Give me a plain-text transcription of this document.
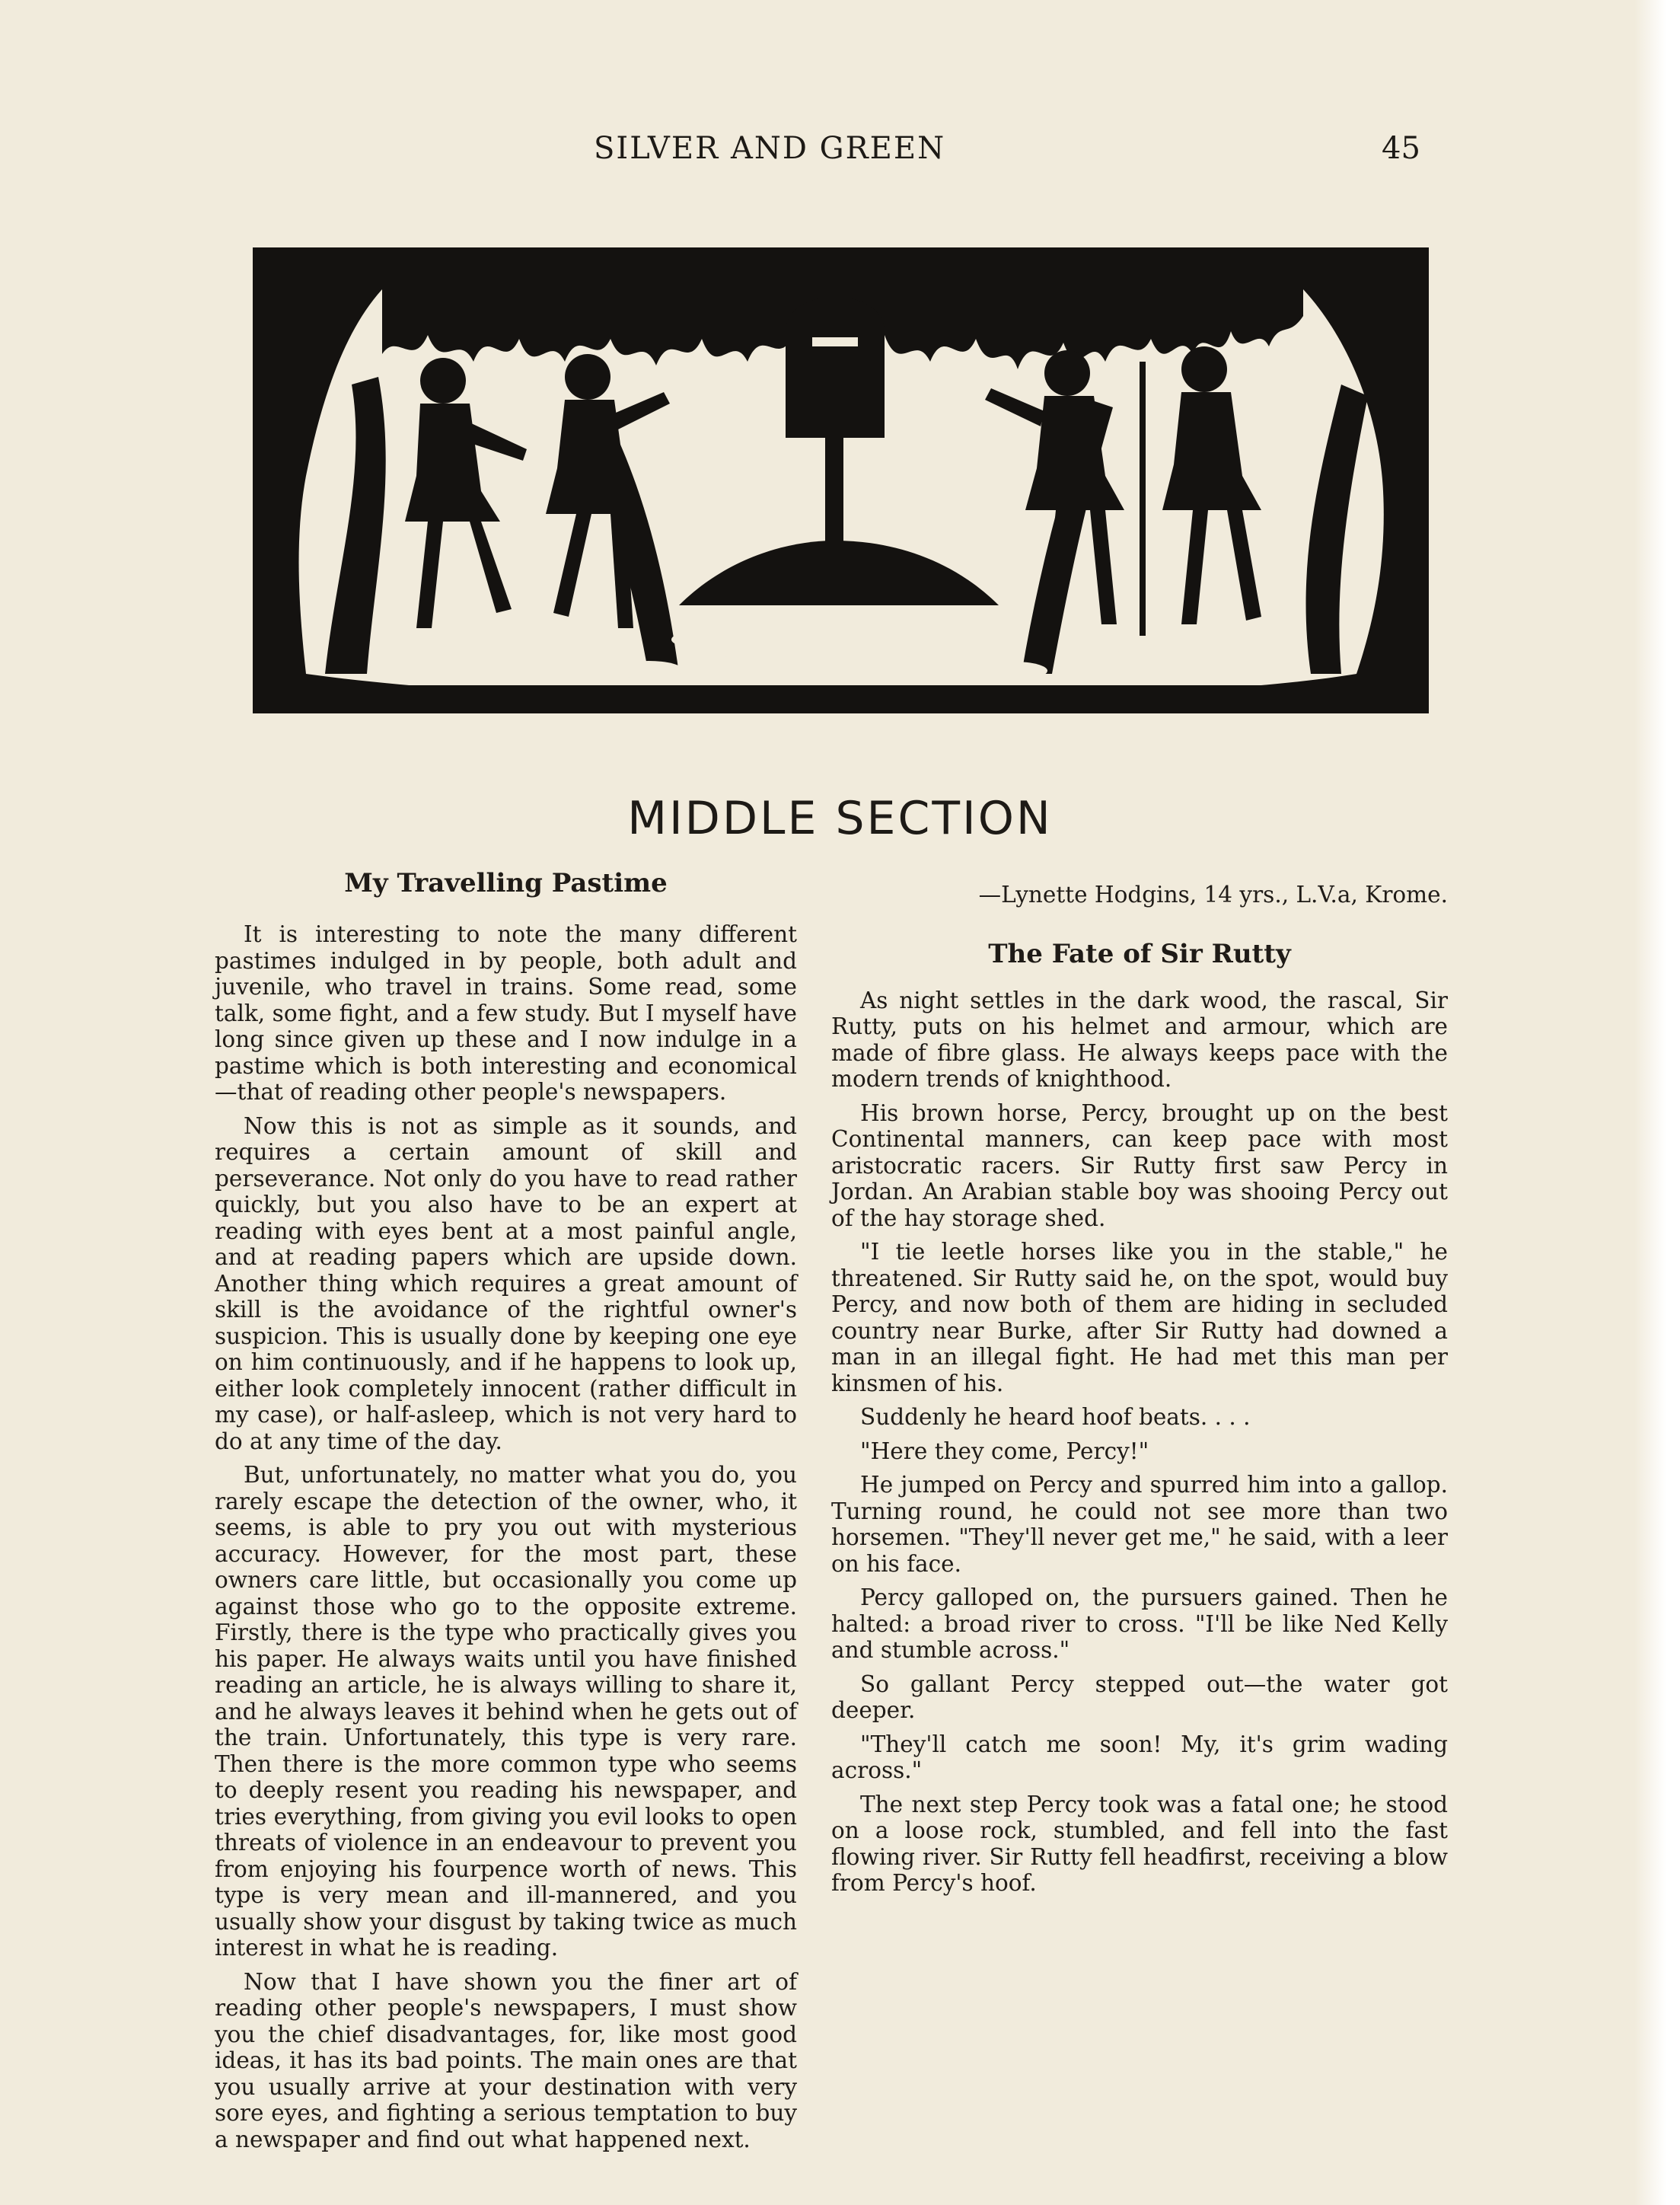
SILVER AND GREEN	45
MIDDLE SECTION
My Travelling Pastime

It is interesting to note the many different pastimes indulged in by people, both adult and juvenile, who travel in trains. Some read, some talk, some fight, and a few study. But I myself have long since given up these and I now indulge in a pastime which is both interesting and economical—that of reading other people's newspapers.

Now this is not as simple as it sounds, and requires a certain amount of skill and perseverance. Not only do you have to read rather quickly, but you also have to be an expert at reading with eyes bent at a most painful angle, and at reading papers which are upside down. Another thing which requires a great amount of skill is the avoidance of the rightful owner's suspicion. This is usually done by keeping one eye on him continuously, and if he happens to look up, either look completely innocent (rather difficult in my case), or half-asleep, which is not very hard to do at any time of the day.

But, unfortunately, no matter what you do, you rarely escape the detection of the owner, who, it seems, is able to pry you out with mysterious accuracy. However, for the most part, these owners care little, but occasionally you come up against those who go to the opposite extreme. Firstly, there is the type who practically gives you his paper. He always waits until you have finished reading an article, he is always willing to share it, and he always leaves it behind when he gets out of the train. Unfortunately, this type is very rare. Then there is the more common type who seems to deeply resent you reading his newspaper, and tries everything, from giving you evil looks to open threats of violence in an endeavour to prevent you from enjoying his fourpence worth of news. This type is very mean and ill-mannered, and you usually show your disgust by taking twice as much interest in what he is reading.

Now that I have shown you the finer art of reading other people's newspapers, I must show you the chief disadvantages, for, like most good ideas, it has its bad points. The main ones are that you usually arrive at your destination with very sore eyes, and fighting a serious temptation to buy a newspaper and find out what happened next.

—Lynette Hodgins, 14 yrs., L.V.a, Krome.

The Fate of Sir Rutty

As night settles in the dark wood, the rascal, Sir Rutty, puts on his helmet and armour, which are made of fibre glass. He always keeps pace with the modern trends of knighthood.

His brown horse, Percy, brought up on the best Continental manners, can keep pace with most aristocratic racers. Sir Rutty first saw Percy in Jordan. An Arabian stable boy was shooing Percy out of the hay storage shed.

"I tie leetle horses like you in the stable," he threatened. Sir Rutty said he, on the spot, would buy Percy, and now both of them are hiding in secluded country near Burke, after Sir Rutty had downed a man in an illegal fight. He had met this man per kinsmen of his.

Suddenly he heard hoof beats. . . .

"Here they come, Percy!"

He jumped on Percy and spurred him into a gallop. Turning round, he could not see more than two horsemen. "They'll never get me," he said, with a leer on his face.

Percy galloped on, the pursuers gained. Then he halted: a broad river to cross. "I'll be like Ned Kelly and stumble across."

So gallant Percy stepped out—the water got deeper.

"They'll catch me soon! My, it's grim wading across."

The next step Percy took was a fatal one; he stood on a loose rock, stumbled, and fell into the fast flowing river. Sir Rutty fell headfirst, receiving a blow from Percy's hoof.
